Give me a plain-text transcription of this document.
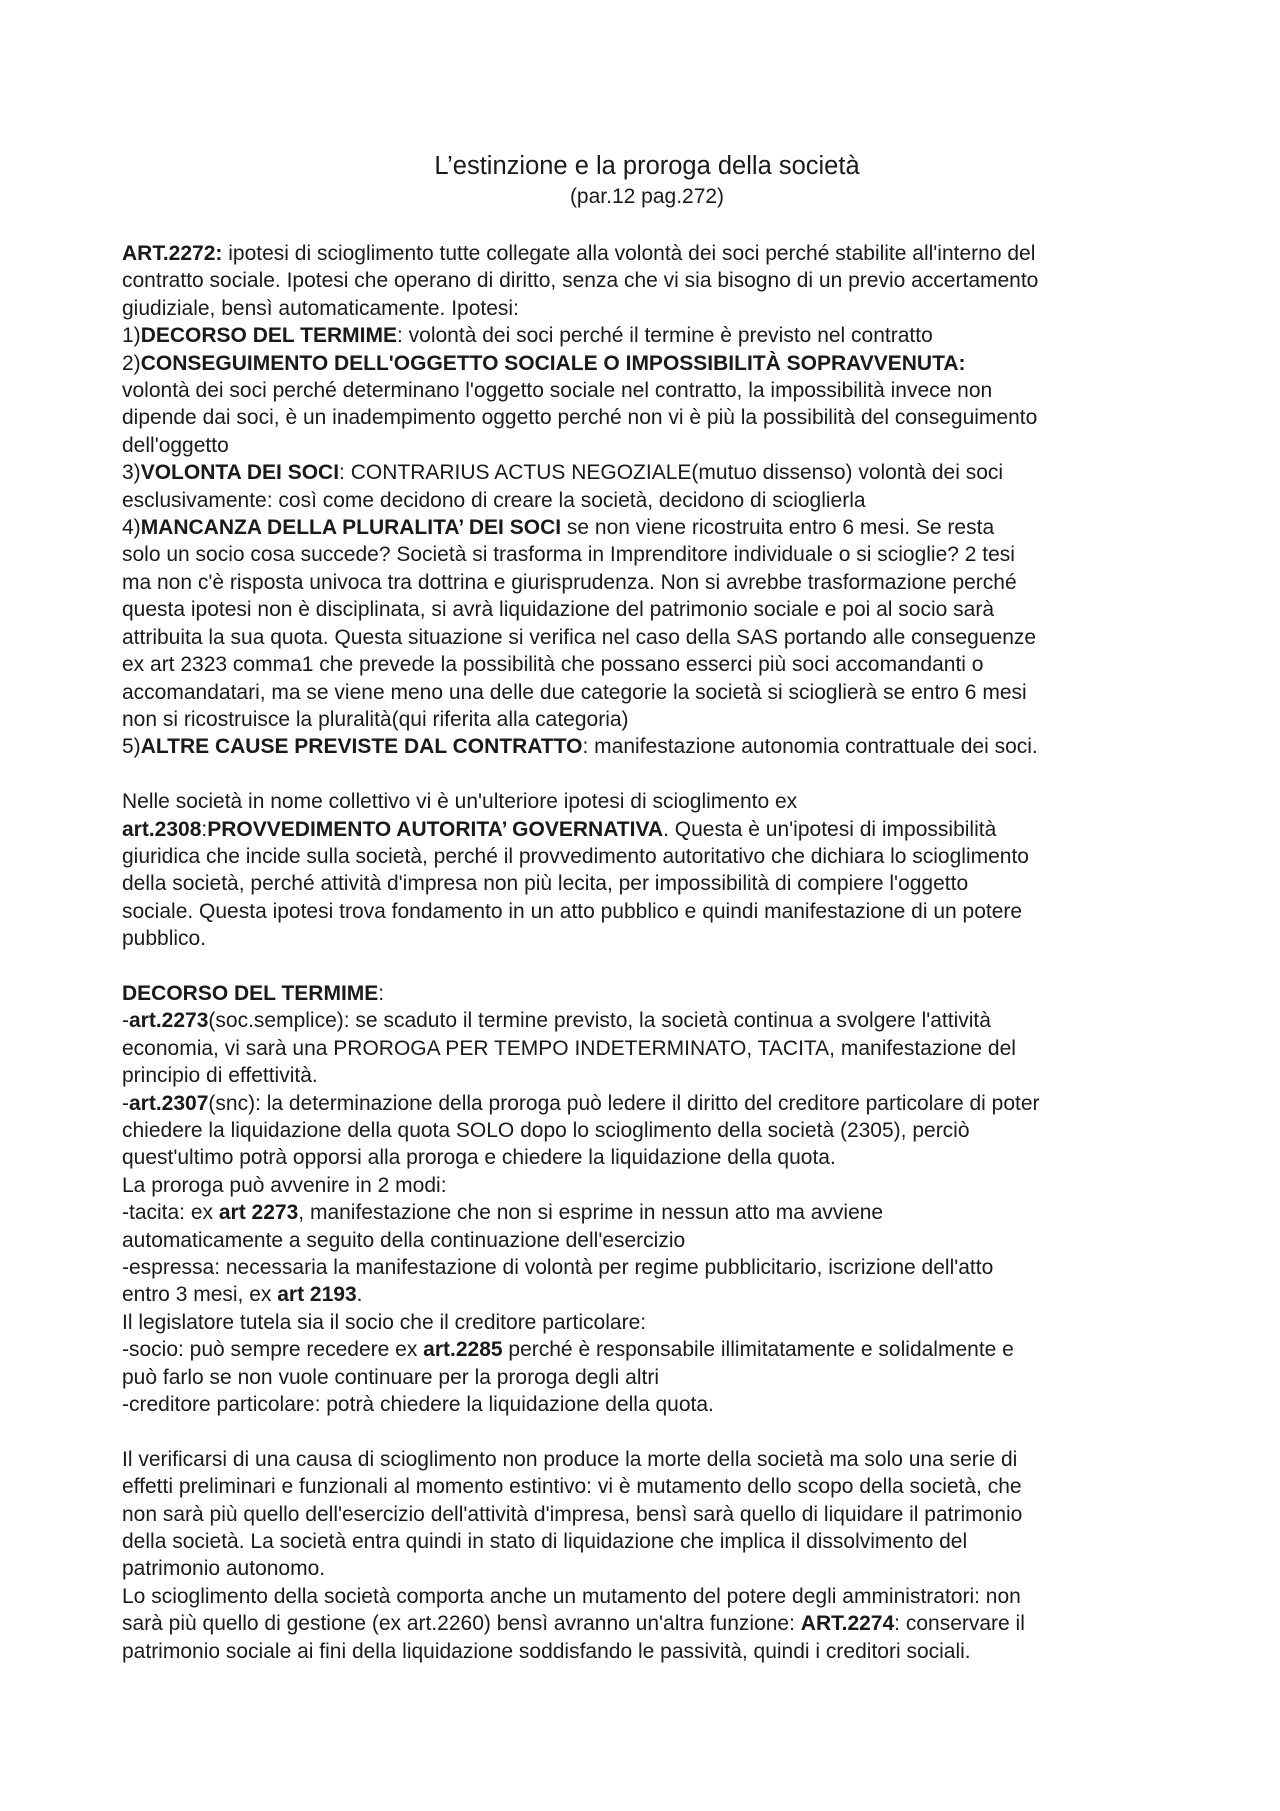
L’estinzione e la proroga della società
(par.12 pag.272)
ART.2272: ipotesi di scioglimento tutte collegate alla volontà dei soci perché stabilite all'interno del
contratto sociale. Ipotesi che operano di diritto, senza che vi sia bisogno di un previo accertamento
giudiziale, bensì automaticamente. Ipotesi:
1)DECORSO DEL TERMIME: volontà dei soci perché il termine è previsto nel contratto
2)CONSEGUIMENTO DELL'OGGETTO SOCIALE O IMPOSSIBILITÀ SOPRAVVENUTA:
volontà dei soci perché determinano l'oggetto sociale nel contratto, la impossibilità invece non
dipende dai soci, è un inadempimento oggetto perché non vi è più la possibilità del conseguimento
dell'oggetto
3)VOLONTA DEI SOCI: CONTRARIUS ACTUS NEGOZIALE(mutuo dissenso) volontà dei soci
esclusivamente: così come decidono di creare la società, decidono di scioglierla
4)MANCANZA DELLA PLURALITA’ DEI SOCI se non viene ricostruita entro 6 mesi. Se resta
solo un socio cosa succede? Società si trasforma in Imprenditore individuale o si scioglie? 2 tesi
ma non c'è risposta univoca tra dottrina e giurisprudenza. Non si avrebbe trasformazione perché
questa ipotesi non è disciplinata, si avrà liquidazione del patrimonio sociale e poi al socio sarà
attribuita la sua quota. Questa situazione si verifica nel caso della SAS portando alle conseguenze
ex art 2323 comma1 che prevede la possibilità che possano esserci più soci accomandanti o
accomandatari, ma se viene meno una delle due categorie la società si scioglierà se entro 6 mesi
non si ricostruisce la pluralità(qui riferita alla categoria)
5)ALTRE CAUSE PREVISTE DAL CONTRATTO: manifestazione autonomia contrattuale dei soci.
Nelle società in nome collettivo vi è un'ulteriore ipotesi di scioglimento ex
art.2308:PROVVEDIMENTO AUTORITA’ GOVERNATIVA. Questa è un'ipotesi di impossibilità
giuridica che incide sulla società, perché il provvedimento autoritativo che dichiara lo scioglimento
della società, perché attività d'impresa non più lecita, per impossibilità di compiere l'oggetto
sociale. Questa ipotesi trova fondamento in un atto pubblico e quindi manifestazione di un potere
pubblico.
DECORSO DEL TERMIME:
-art.2273(soc.semplice): se scaduto il termine previsto, la società continua a svolgere l'attività
economia, vi sarà una PROROGA PER TEMPO INDETERMINATO, TACITA, manifestazione del
principio di effettività.
-art.2307(snc): la determinazione della proroga può ledere il diritto del creditore particolare di poter
chiedere la liquidazione della quota SOLO dopo lo scioglimento della società (2305), perciò
quest'ultimo potrà opporsi alla proroga e chiedere la liquidazione della quota.
La proroga può avvenire in 2 modi:
-tacita: ex art 2273, manifestazione che non si esprime in nessun atto ma avviene
automaticamente a seguito della continuazione dell'esercizio
-espressa: necessaria la manifestazione di volontà per regime pubblicitario, iscrizione dell'atto
entro 3 mesi, ex art 2193.
Il legislatore tutela sia il socio che il creditore particolare:
-socio: può sempre recedere ex art.2285 perché è responsabile illimitatamente e solidalmente e
può farlo se non vuole continuare per la proroga degli altri
-creditore particolare: potrà chiedere la liquidazione della quota.
Il verificarsi di una causa di scioglimento non produce la morte della società ma solo una serie di
effetti preliminari e funzionali al momento estintivo: vi è mutamento dello scopo della società, che
non sarà più quello dell'esercizio dell'attività d'impresa, bensì sarà quello di liquidare il patrimonio
della società. La società entra quindi in stato di liquidazione che implica il dissolvimento del
patrimonio autonomo.
Lo scioglimento della società comporta anche un mutamento del potere degli amministratori: non
sarà più quello di gestione (ex art.2260) bensì avranno un'altra funzione: ART.2274: conservare il
patrimonio sociale ai fini della liquidazione soddisfando le passività, quindi i creditori sociali.
